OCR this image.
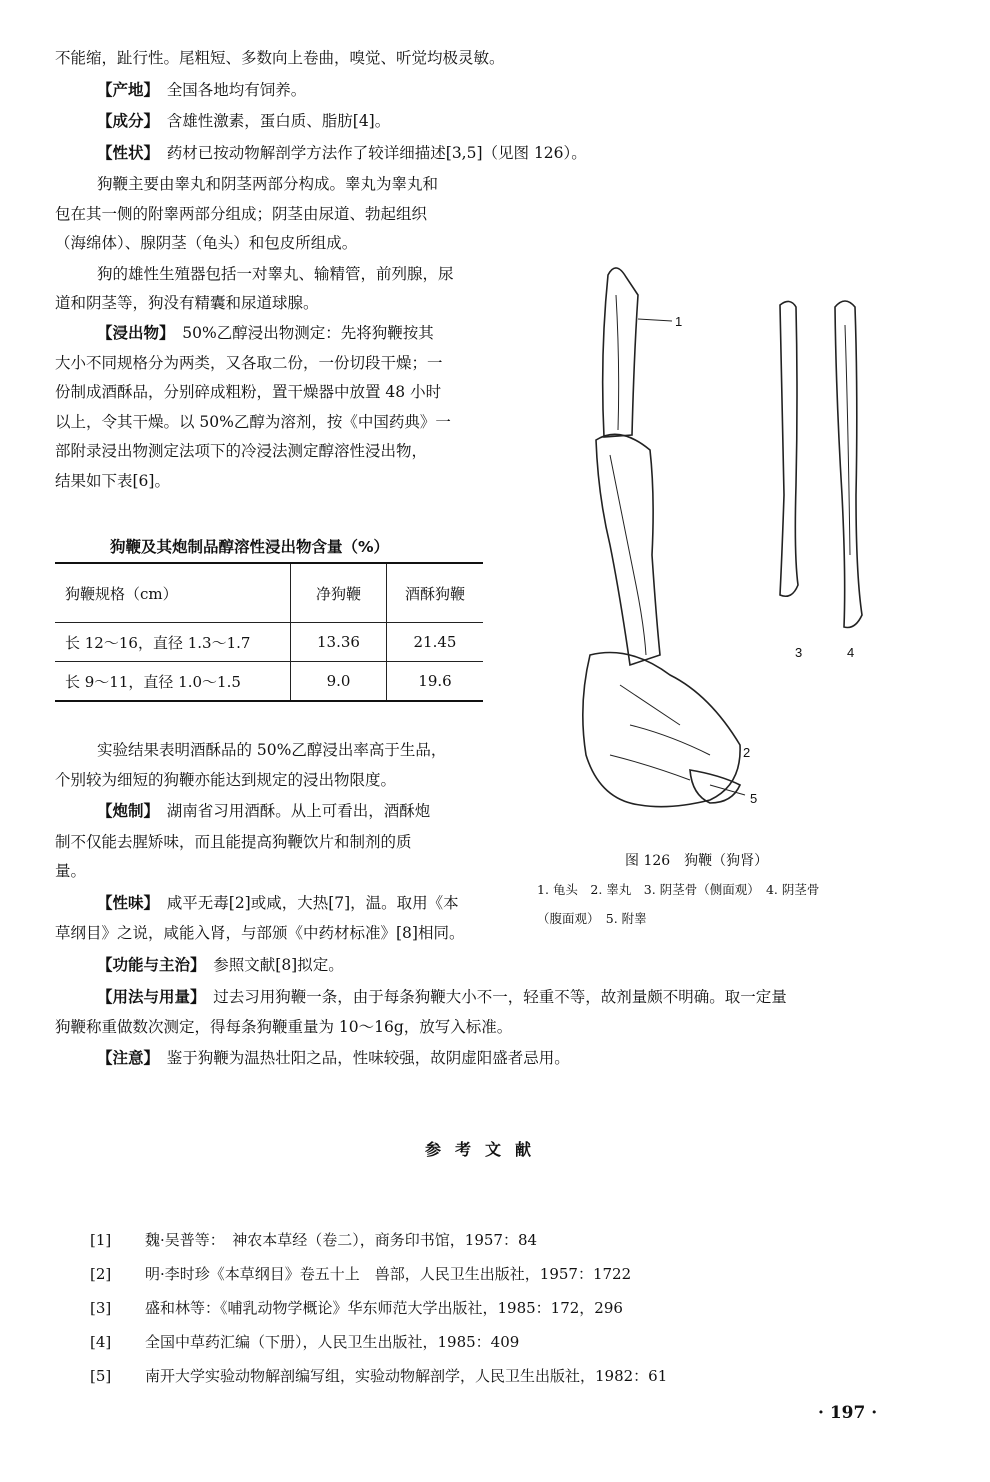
不能缩，趾行性。尾粗短、多数向上卷曲，嗅觉、听觉均极灵敏。
【产地】　全国各地均有饲养。
【成分】　含雄性激素，蛋白质、脂肪[4]。
【性状】　药材已按动物解剖学方法作了较详细描述[3,5]（见图 126）。
狗鞭主要由睾丸和阴茎两部分构成。睾丸为睾丸和
包在其一侧的附睾两部分组成；阴茎由尿道、勃起组织
（海绵体）、腺阴茎（龟头）和包皮所组成。
狗的雄性生殖器包括一对睾丸、输精管，前列腺，尿
道和阴茎等，狗没有精囊和尿道球腺。
【浸出物】　50%乙醇浸出物测定：先将狗鞭按其
大小不同规格分为两类，又各取二份，一份切段干燥；一
份制成酒酥品，分别碎成粗粉，置干燥器中放置 48 小时
以上，令其干燥。以 50%乙醇为溶剂，按《中国药典》一
部附录浸出物测定法项下的冷浸法测定醇溶性浸出物，
结果如下表[6]。
实验结果表明酒酥品的 50%乙醇浸出率高于生品，
个别较为细短的狗鞭亦能达到规定的浸出物限度。
【炮制】　湖南省习用酒酥。从上可看出，酒酥炮
制不仅能去腥矫味，而且能提高狗鞭饮片和制剂的质
量。
【性味】　咸平无毒[2]或咸，大热[7]，温。取用《本
草纲目》之说，咸能入肾，与部颁《中药材标准》[8]相同。
【功能与主治】　参照文献[8]拟定。
【用法与用量】　过去习用狗鞭一条，由于每条狗鞭大小不一，轻重不等，故剂量颇不明确。取一定量
狗鞭称重做数次测定，得每条狗鞭重量为 10～16g，放写入标准。
【注意】　鉴于狗鞭为温热壮阳之品，性味较强，故阴虚阳盛者忌用。
狗鞭及其炮制品醇溶性浸出物含量（%）
狗鞭规格（cm）	净狗鞭	酒酥狗鞭
长 12～16，直径 1.3～1.7	13.36	21.45
长 9～11，直径 1.0～1.5	9.0	19.6
1
2
3	4
5
图 126　狗鞭（狗肾）
1. 龟头　2. 睾丸　3. 阴茎骨（侧面观）　4. 阴茎骨
（腹面观）　5. 附睾
参考文献
[1] 魏·吴普等：　神农本草经（卷二），商务印书馆，1957：84
[2] 明·李时珍《本草纲目》卷五十上　兽部，人民卫生出版社，1957：1722
[3] 盛和林等：《哺乳动物学概论》华东师范大学出版社，1985：172，296
[4] 全国中草药汇编（下册），人民卫生出版社，1985：409
[5] 南开大学实验动物解剖编写组，实验动物解剖学，人民卫生出版社，1982：61
· 197 ·
